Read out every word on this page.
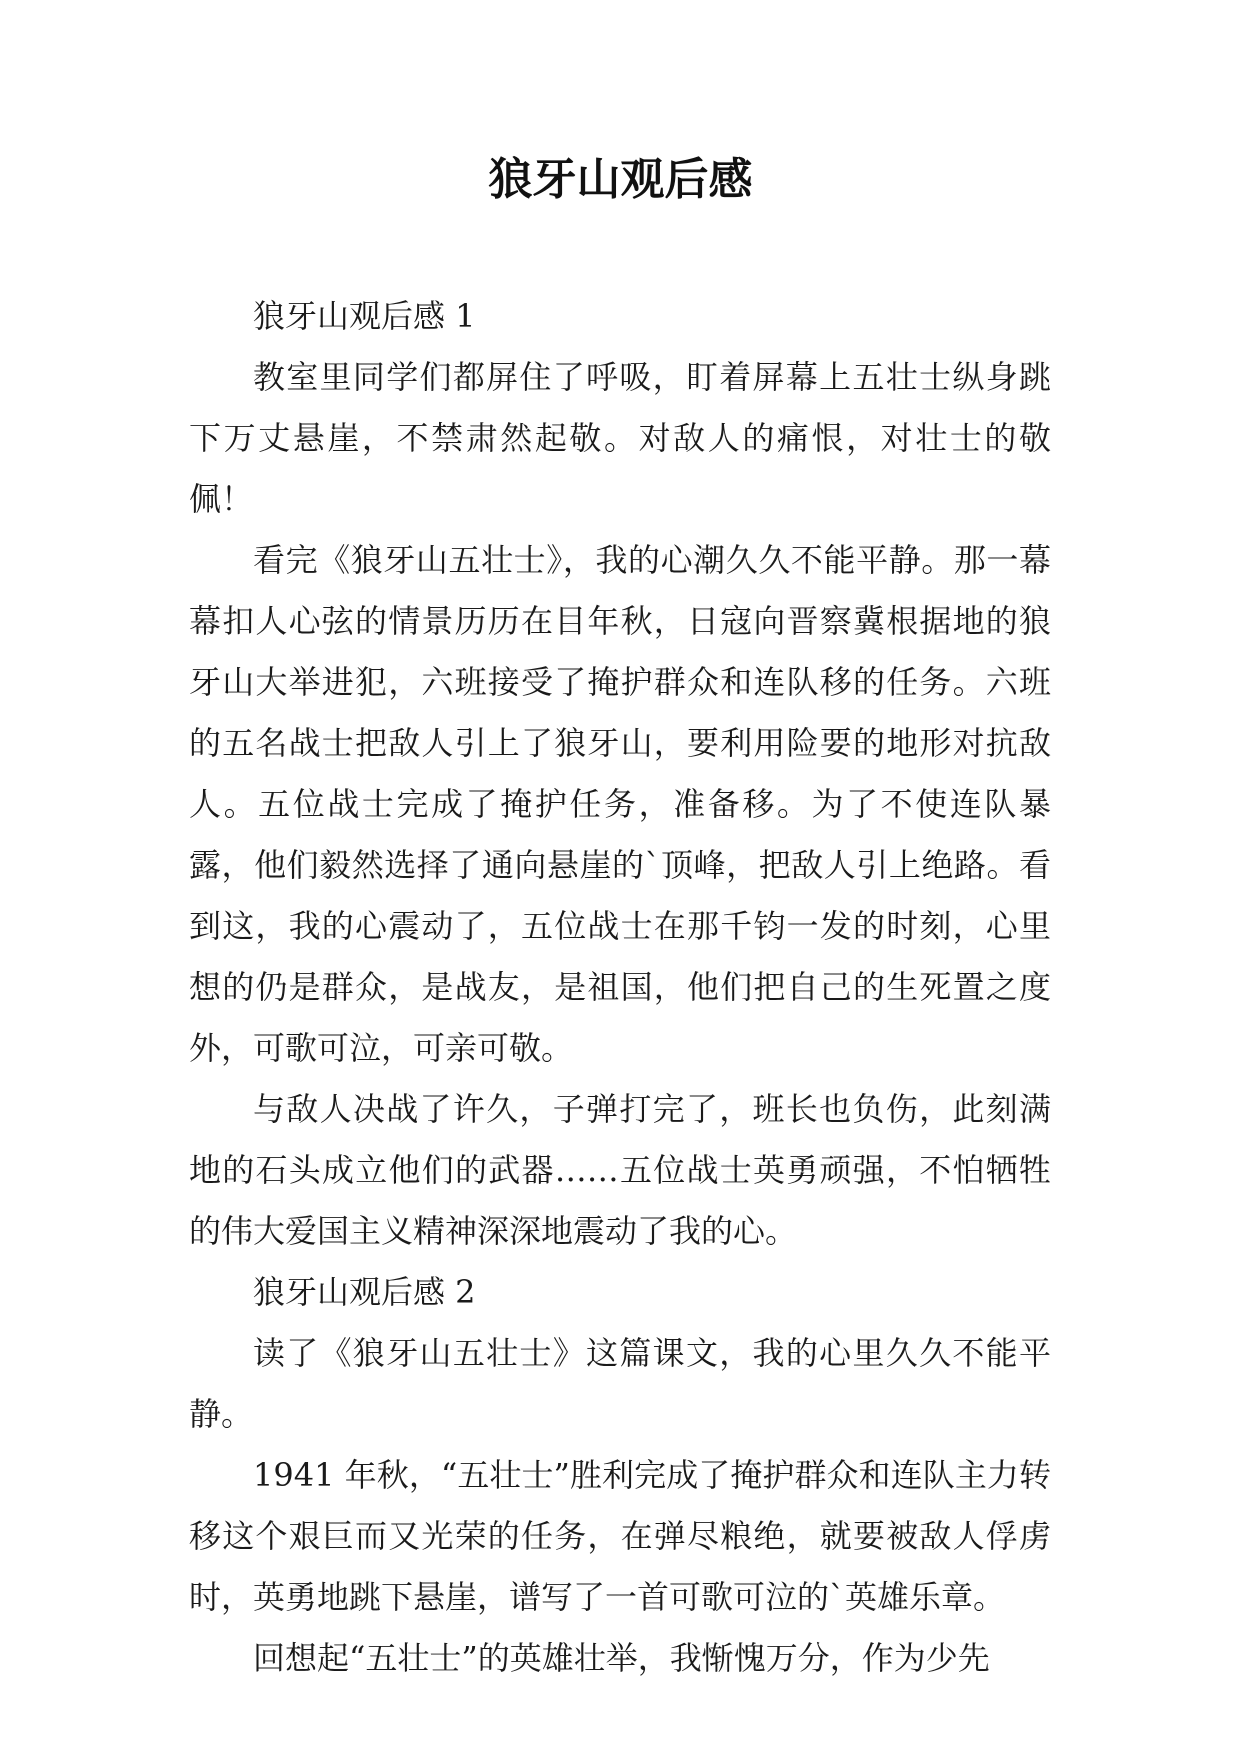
狼牙山观后感

狼牙山观后感 1

教室里同学们都屏住了呼吸，盯着屏幕上五壮士纵身跳下万丈悬崖，不禁肃然起敬。对敌人的痛恨，对壮士的敬佩！

看完《狼牙山五壮士》，我的心潮久久不能平静。那一幕幕扣人心弦的情景历历在目年秋，日寇向晋察冀根据地的狼牙山大举进犯，六班接受了掩护群众和连队移的任务。六班的五名战士把敌人引上了狼牙山，要利用险要的地形对抗敌人。五位战士完成了掩护任务，准备移。为了不使连队暴露，他们毅然选择了通向悬崖的`顶峰，把敌人引上绝路。看到这，我的心震动了，五位战士在那千钧一发的时刻，心里想的仍是群众，是战友，是祖国，他们把自己的生死置之度外，可歌可泣，可亲可敬。

与敌人决战了许久，子弹打完了，班长也负伤，此刻满地的石头成立他们的武器……五位战士英勇顽强，不怕牺牲的伟大爱国主义精神深深地震动了我的心。

狼牙山观后感 2

读了《狼牙山五壮士》这篇课文，我的心里久久不能平静。

1941 年秋，“五壮士”胜利完成了掩护群众和连队主力转移这个艰巨而又光荣的任务，在弹尽粮绝，就要被敌人俘虏时，英勇地跳下悬崖，谱写了一首可歌可泣的`英雄乐章。

回想起“五壮士”的英雄壮举，我惭愧万分，作为少先
